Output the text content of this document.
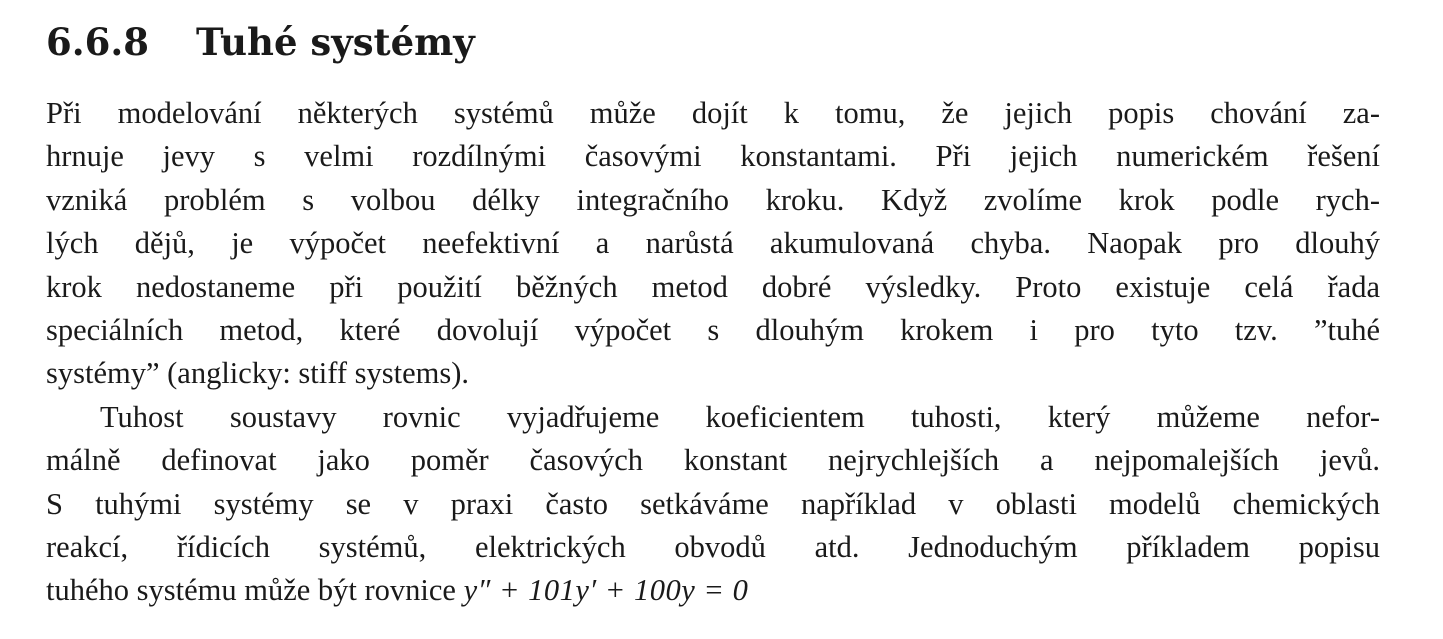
6.6.8	Tuhé systémy
Při modelování některých systémů může dojít k tomu, že jejich popis chování za-
hrnuje jevy s velmi rozdílnými časovými konstantami. Při jejich numerickém řešení
vzniká problém s volbou délky integračního kroku. Když zvolíme krok podle rych-
lých dějů, je výpočet neefektivní a narůstá akumulovaná chyba. Naopak pro dlouhý
krok nedostaneme při použití běžných metod dobré výsledky. Proto existuje celá řada
speciálních metod, které dovolují výpočet s dlouhým krokem i pro tyto tzv. ”tuhé
systémy” (anglicky: stiff systems).
Tuhost soustavy rovnic vyjadřujeme koeficientem tuhosti, který můžeme nefor-
málně definovat jako poměr časových konstant nejrychlejších a nejpomalejších jevů.
S tuhými systémy se v praxi často setkáváme například v oblasti modelů chemických
reakcí, řídicích systémů, elektrických obvodů atd. Jednoduchým příkladem popisu
tuhého systému může být rovnice y″ + 101y′ + 100y = 0
